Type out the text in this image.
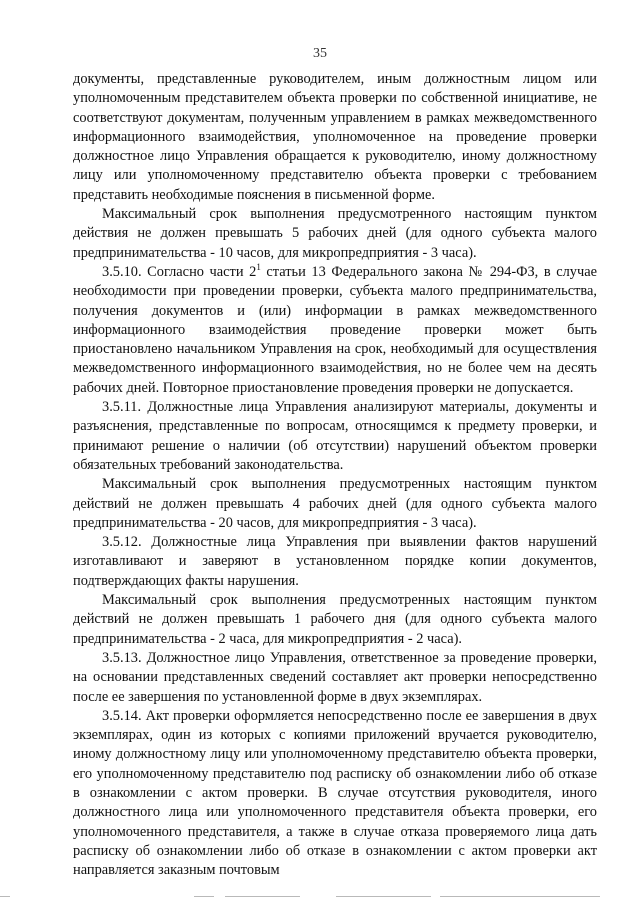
35

документы, представленные руководителем, иным должностным лицом или уполномоченным представителем объекта проверки по собственной инициативе, не соответствуют документам, полученным управлением в рамках межведомственного информационного взаимодействия, уполномоченное на проведение проверки должностное лицо Управления обращается к руководителю, иному должностному лицу или уполномоченному представителю объекта проверки с требованием представить необходимые пояснения в письменной форме.

Максимальный срок выполнения предусмотренного настоящим пунктом действия не должен превышать 5 рабочих дней (для одного субъекта малого предпринимательства - 10 часов, для микропредприятия - 3 часа).

3.5.10. Согласно части $2^1$ статьи 13 Федерального закона № 294-ФЗ, в случае необходимости при проведении проверки, субъекта малого предпринимательства, получения документов и (или) информации в рамках межведомственного информационного взаимодействия проведение проверки может быть приостановлено начальником Управления на срок, необходимый для осуществления межведомственного информационного взаимодействия, но не более чем на десять рабочих дней. Повторное приостановление проведения проверки не допускается.

3.5.11. Должностные лица Управления анализируют материалы, документы и разъяснения, представленные по вопросам, относящимся к предмету проверки, и принимают решение о наличии (об отсутствии) нарушений объектом проверки обязательных требований законодательства.

Максимальный срок выполнения предусмотренных настоящим пунктом действий не должен превышать 4 рабочих дней (для одного субъекта малого предпринимательства - 20 часов, для микропредприятия - 3 часа).

3.5.12. Должностные лица Управления при выявлении фактов нарушений изготавливают и заверяют в установленном порядке копии документов, подтверждающих факты нарушения.

Максимальный срок выполнения предусмотренных настоящим пунктом действий не должен превышать 1 рабочего дня (для одного субъекта малого предпринимательства - 2 часа, для микропредприятия - 2 часа).

3.5.13. Должностное лицо Управления, ответственное за проведение проверки, на основании представленных сведений составляет акт проверки непосредственно после ее завершения по установленной форме в двух экземплярах.

3.5.14. Акт проверки оформляется непосредственно после ее завершения в двух экземплярах, один из которых с копиями приложений вручается руководителю, иному должностному лицу или уполномоченному представителю объекта проверки, его уполномоченному представителю под расписку об ознакомлении либо об отказе в ознакомлении с актом проверки. В случае отсутствия руководителя, иного должностного лица или уполномоченного представителя объекта проверки, его уполномоченного представителя, а также в случае отказа проверяемого лица дать расписку об ознакомлении либо об отказе в ознакомлении с актом проверки акт направляется заказным почтовым
